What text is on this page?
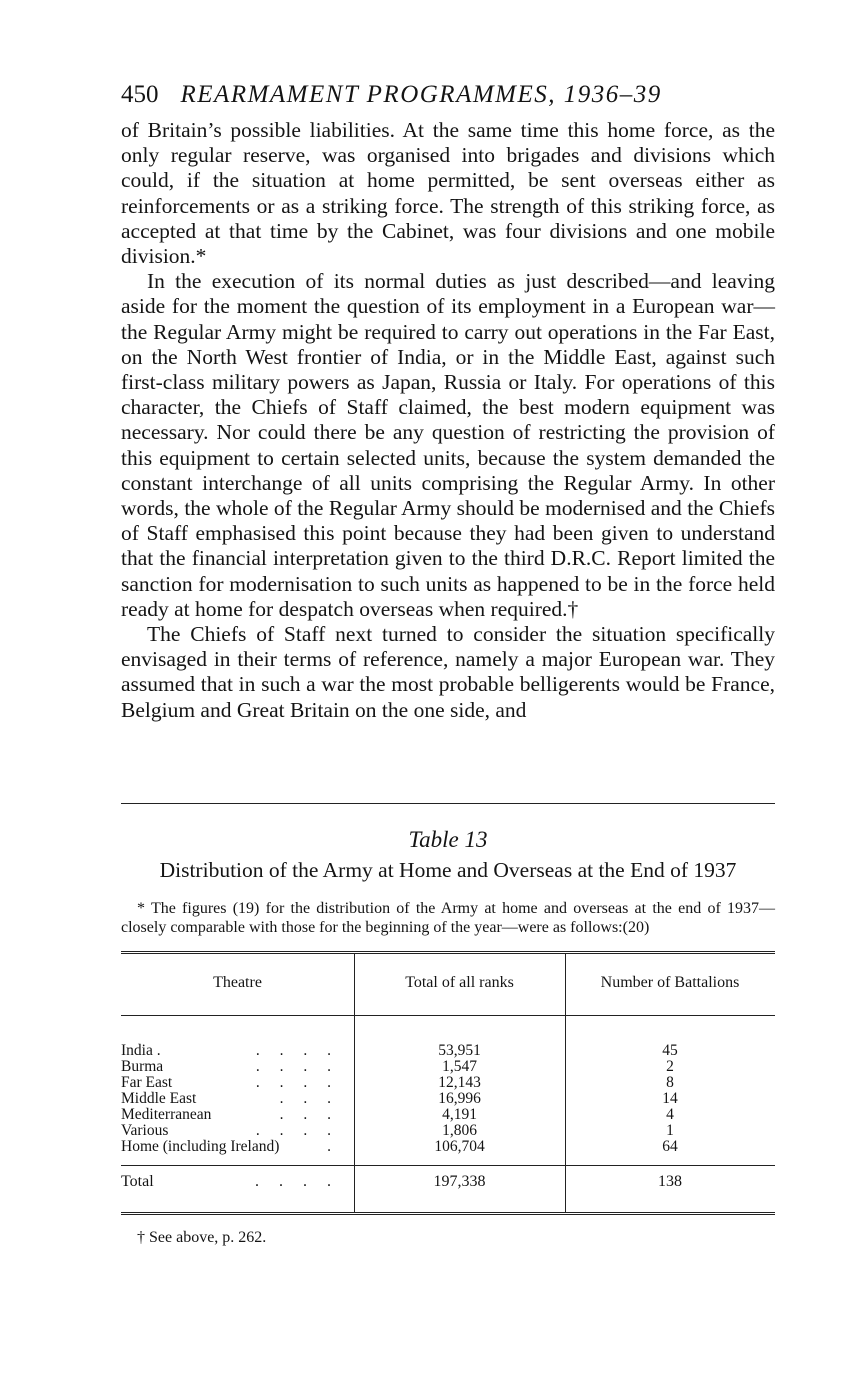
450 REARMAMENT PROGRAMMES, 1936–39

of Britain’s possible liabilities. At the same time this home force, as the only regular reserve, was organised into brigades and divisions which could, if the situation at home permitted, be sent overseas either as reinforcements or as a striking force. The strength of this striking force, as accepted at that time by the Cabinet, was four divisions and one mobile division.*

In the execution of its normal duties as just described—and leaving aside for the moment the question of its employment in a European war—the Regular Army might be required to carry out operations in the Far East, on the North West frontier of India, or in the Middle East, against such first-class military powers as Japan, Russia or Italy. For operations of this character, the Chiefs of Staff claimed, the best modern equipment was necessary. Nor could there be any question of restricting the provision of this equipment to certain selected units, because the system demanded the constant interchange of all units comprising the Regular Army. In other words, the whole of the Regular Army should be modernised and the Chiefs of Staff emphasised this point because they had been given to understand that the financial interpretation given to the third D.R.C. Report limited the sanction for modernisation to such units as happened to be in the force held ready at home for despatch overseas when required.†

The Chiefs of Staff next turned to consider the situation specifically envisaged in their terms of reference, namely a major European war. They assumed that in such a war the most probable belligerents would be France, Belgium and Great Britain on the one side, and

Table 13
Distribution of the Army at Home and Overseas at the End of 1937

* The figures (19) for the distribution of the Army at home and overseas at the end of 1937—closely comparable with those for the beginning of the year—were as follows:(20)

Theatre	Total of all ranks	Number of Battalions
India .	. . . .	53,951	45
Burma	. . . .	1,547	2
Far East	. . . .	12,143	8
Middle East	. . .	16,996	14
Mediterranean	. . .	4,191	4
Various	. . . .	1,806	1
Home (including Ireland)	.	106,704	64
Total	. . . .	197,338	138
† See above, p. 262.
